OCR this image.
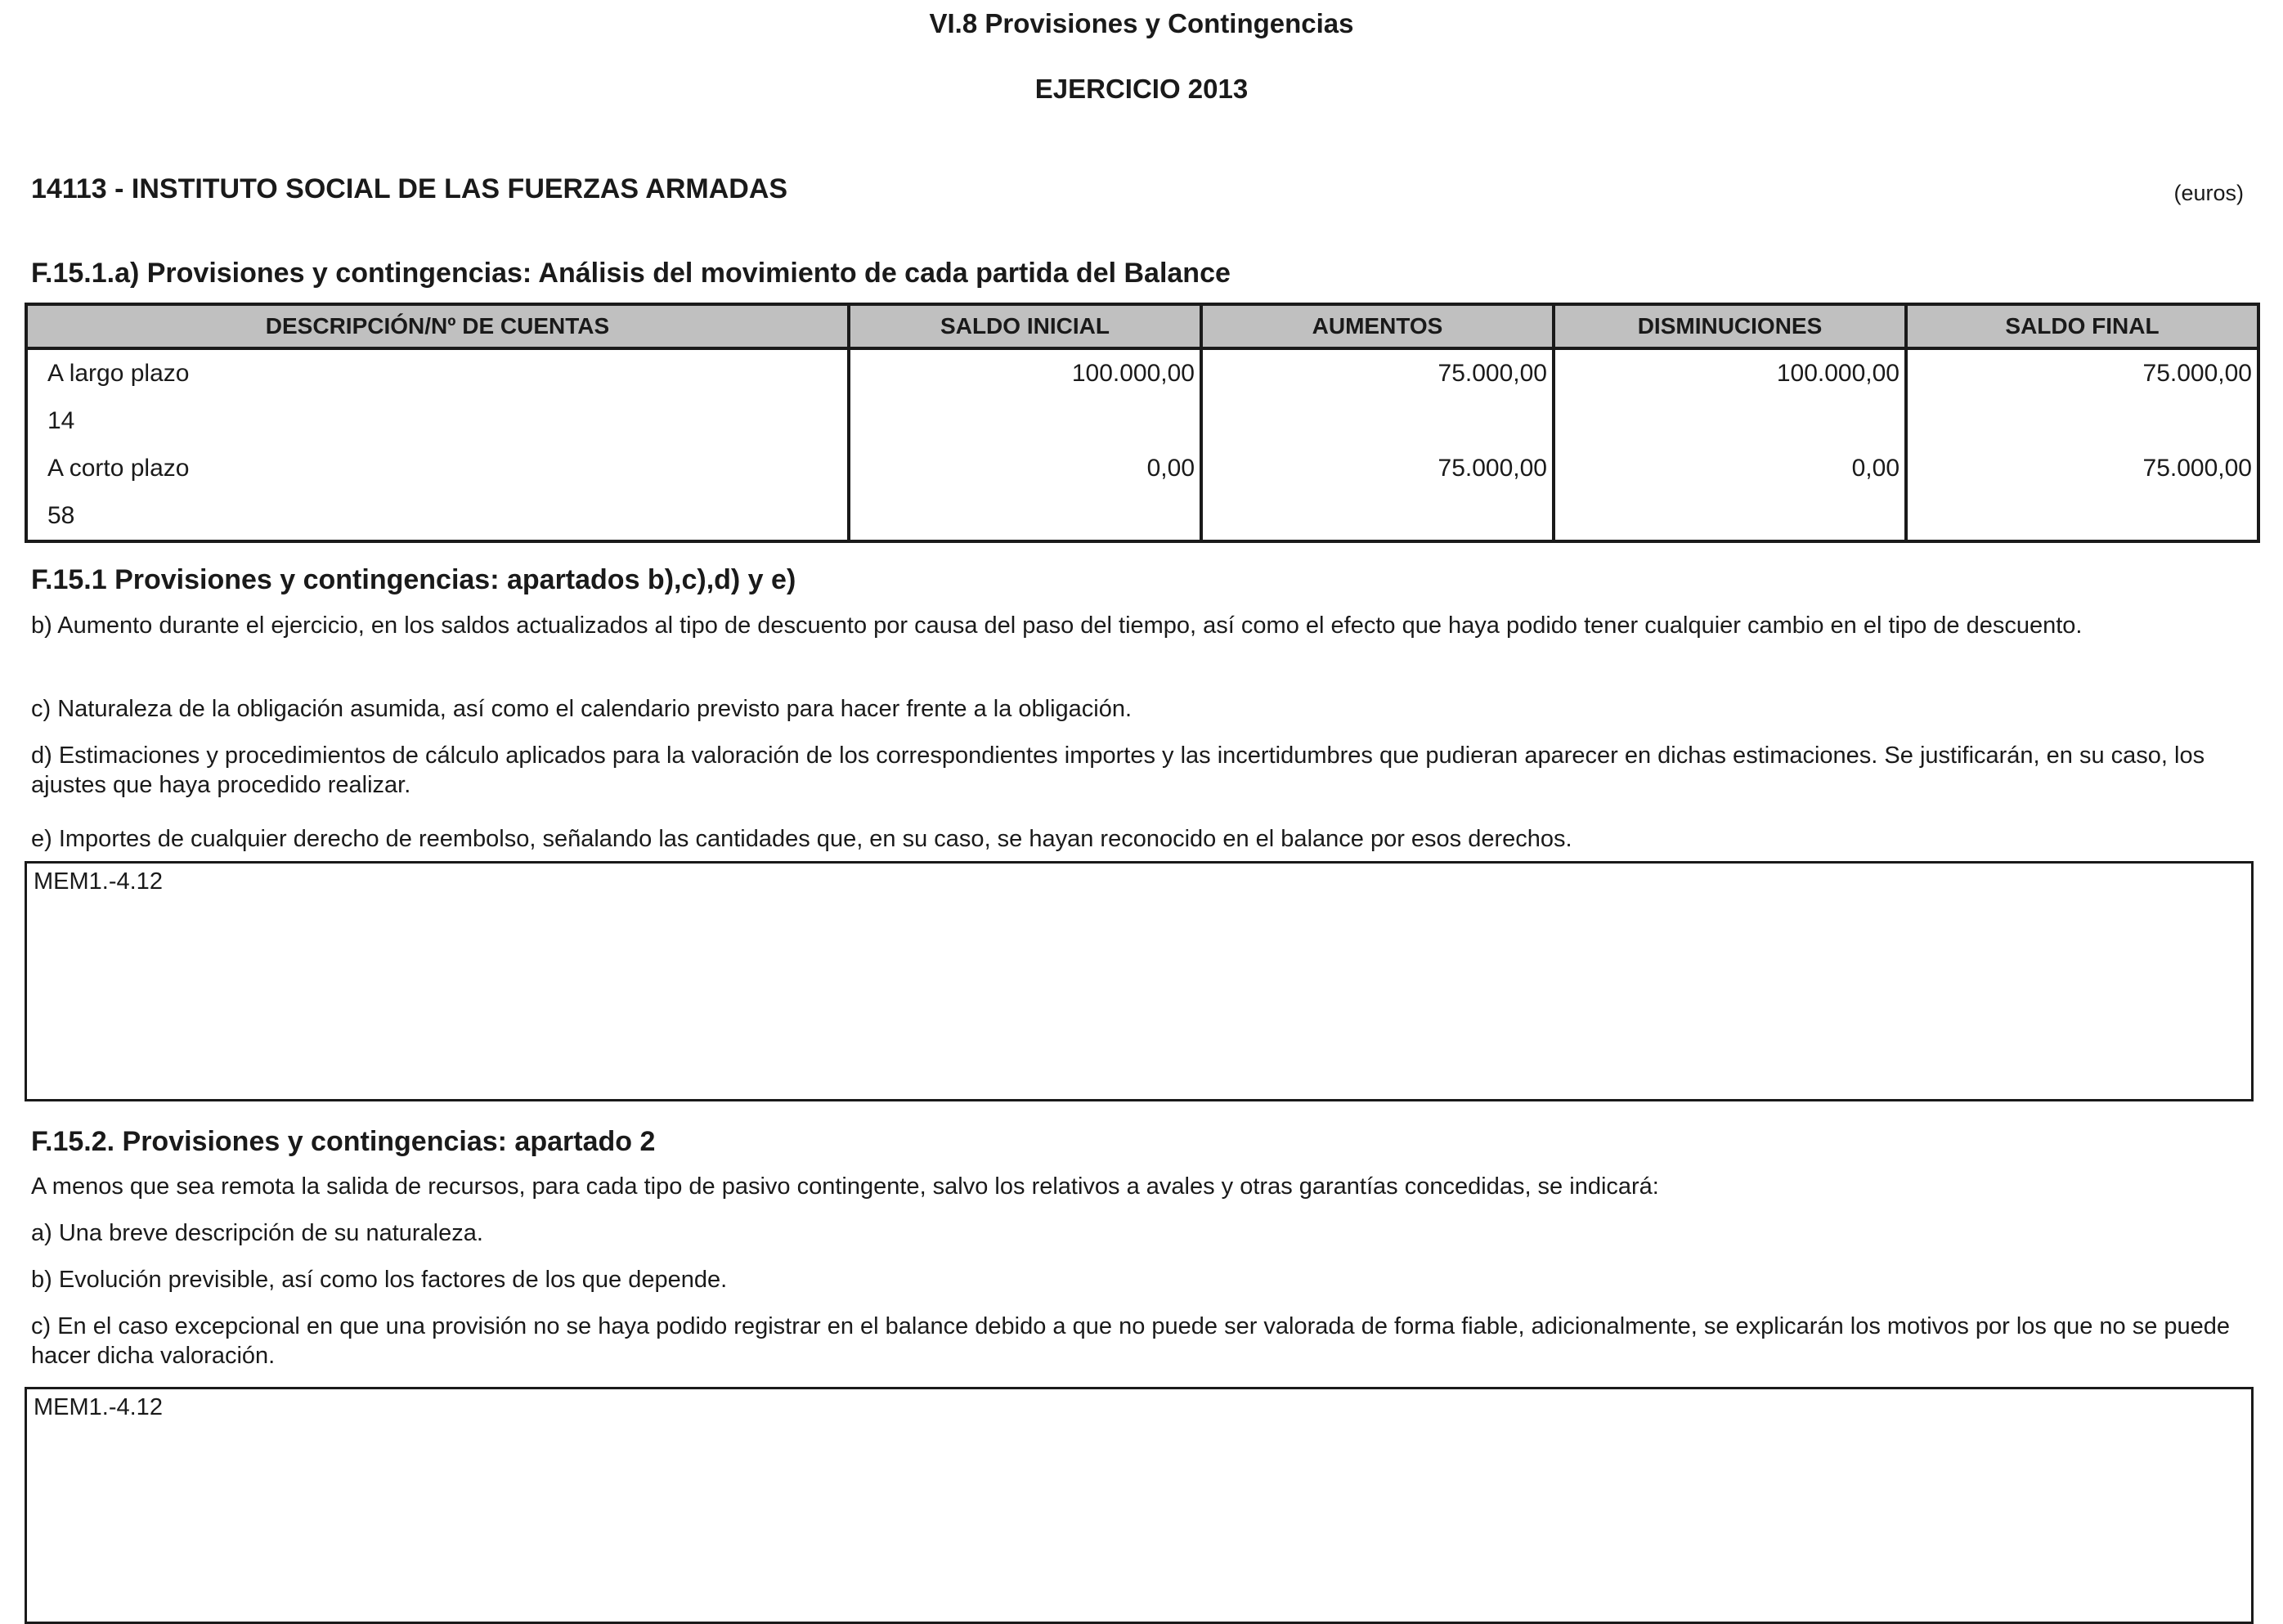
VI.8 Provisiones y Contingencias
EJERCICIO 2013
14113 - INSTITUTO SOCIAL DE LAS FUERZAS ARMADAS	(euros)
F.15.1.a) Provisiones y contingencias: Análisis del movimiento de cada partida del Balance
DESCRIPCIÓN/Nº DE CUENTAS	SALDO INICIAL	AUMENTOS	DISMINUCIONES	SALDO FINAL
A largo plazo	100.000,00	75.000,00	100.000,00	75.000,00
14				
A corto plazo	0,00	75.000,00	0,00	75.000,00
58				
F.15.1 Provisiones y contingencias: apartados b),c),d) y e)
b) Aumento durante el ejercicio, en los saldos actualizados al tipo de descuento por causa del paso del tiempo, así como el efecto que haya podido tener cualquier cambio en el tipo de descuento.
c) Naturaleza de la obligación asumida, así como el calendario previsto para hacer frente a la obligación.
d) Estimaciones y procedimientos de cálculo aplicados para la valoración de los correspondientes importes y las incertidumbres que pudieran aparecer en dichas estimaciones. Se justificarán, en su caso, los ajustes que haya procedido realizar.
e) Importes de cualquier derecho de reembolso, señalando las cantidades que, en su caso, se hayan reconocido en el balance por esos derechos.
MEM1.-4.12
F.15.2. Provisiones y contingencias: apartado 2
A menos que sea remota la salida de recursos, para cada tipo de pasivo contingente, salvo los relativos a avales y otras garantías concedidas, se indicará:
a) Una breve descripción de su naturaleza.
b) Evolución previsible, así como los factores de los que depende.
c) En el caso excepcional en que una provisión no se haya podido registrar en el balance debido a que no puede ser valorada de forma fiable, adicionalmente, se explicarán los motivos por los que no se puede hacer dicha valoración.
MEM1.-4.12
